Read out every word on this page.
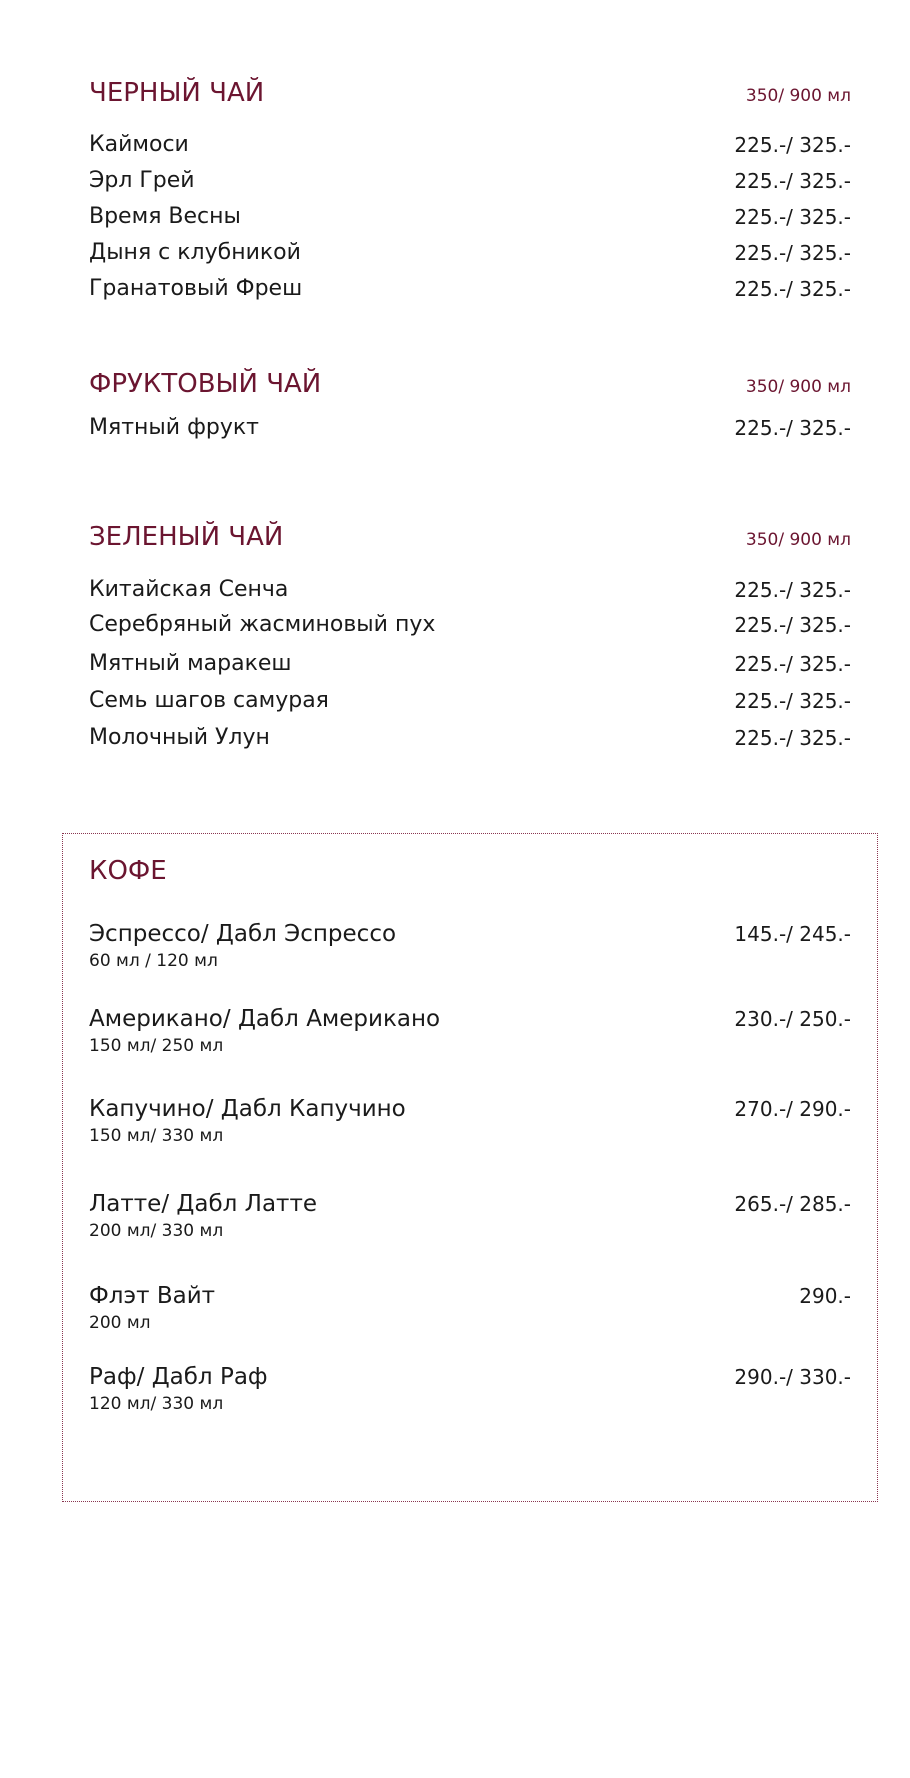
ЧЕРНЫЙ ЧАЙ	350/ 900 мл
Каймоси	225.-/ 325.-
Эрл Грей	225.-/ 325.-
Время Весны	225.-/ 325.-
Дыня с клубникой	225.-/ 325.-
Гранатовый Фреш	225.-/ 325.-
ФРУКТОВЫЙ ЧАЙ	350/ 900 мл
Мятный фрукт	225.-/ 325.-
ЗЕЛЕНЫЙ ЧАЙ	350/ 900 мл
Китайская Сенча	225.-/ 325.-
Серебряный жасминовый пух	225.-/ 325.-
Мятный маракеш	225.-/ 325.-
Семь шагов самурая	225.-/ 325.-
Молочный Улун	225.-/ 325.-
КОФЕ
Эспрессо/ Дабл Эспрессо	145.-/ 245.-
60 мл / 120 мл
Американо/ Дабл Американо	230.-/ 250.-
150 мл/ 250 мл
Капучино/ Дабл Капучино	270.-/ 290.-
150 мл/ 330 мл
Латте/ Дабл Латте	265.-/ 285.-
200 мл/ 330 мл
Флэт Вайт	290.-
200 мл
Раф/ Дабл Раф	290.-/ 330.-
120 мл/ 330 мл
